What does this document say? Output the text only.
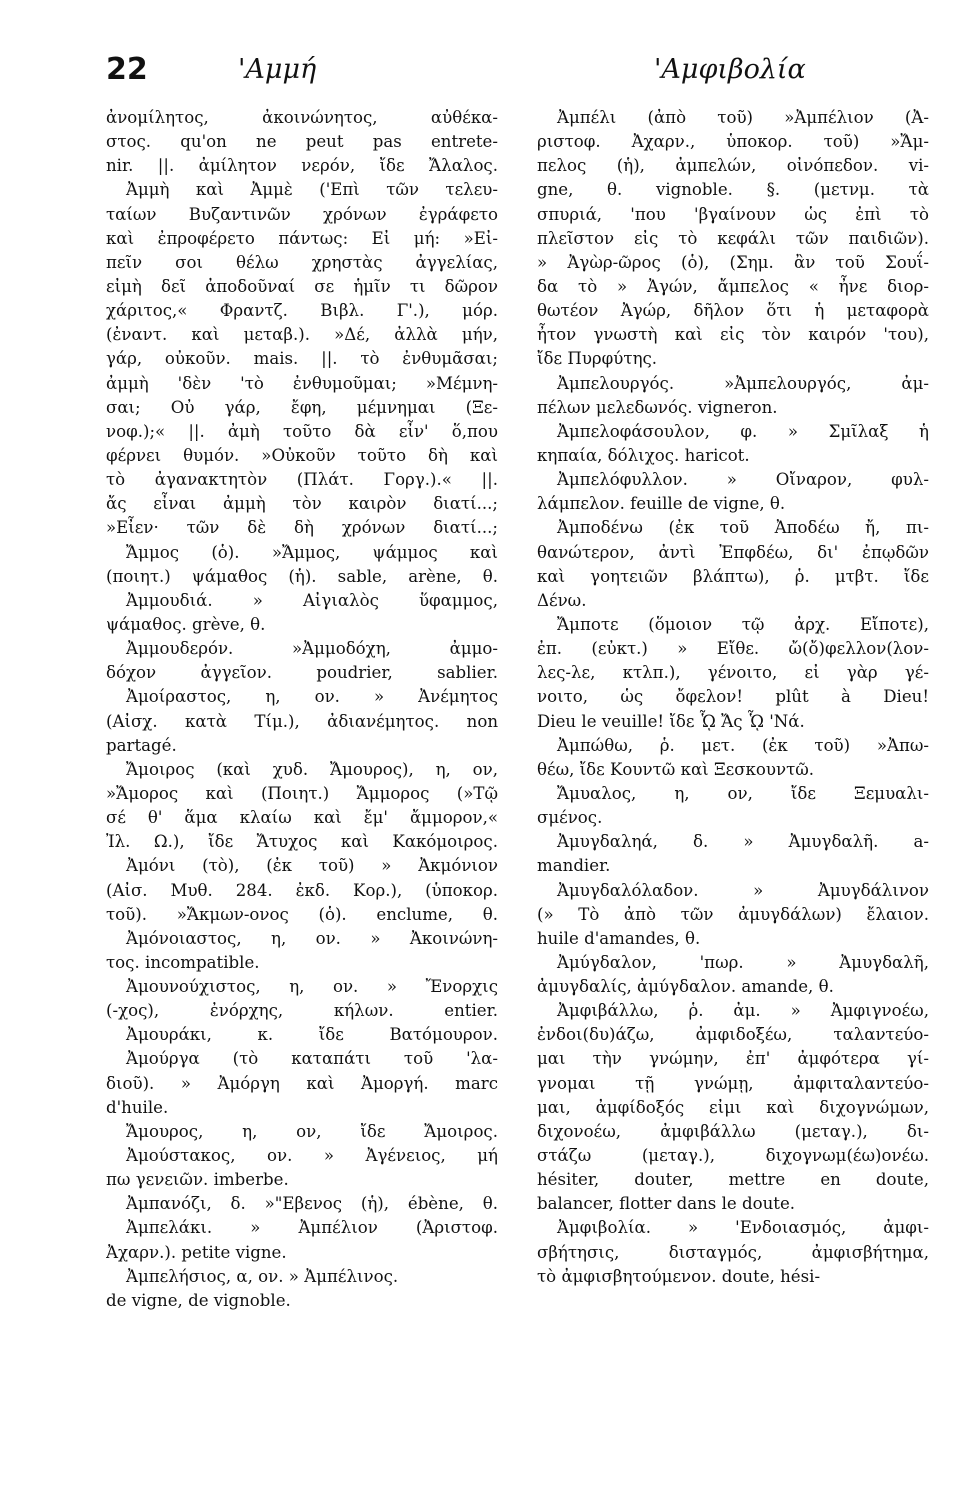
22	'Αμμή	'Αμφιβολία
ἀνομίλητος, ἀκοινώνητος, αὐθέκα-
στος. qu'on ne peut pas entrete-
nir. ||. ἀμίλητον νερόν, ἴδε Ἄλαλος.
Ἀμμὴ καὶ Ἀμμὲ ('Επὶ τῶν τελευ-
ταίων Βυζαντινῶν χρόνων ἐγράφετο
καὶ ἐπροφέρετο πάντως: Εἰ μή: »Εἰ-
πεῖν σοι θέλω χρηστὰς ἀγγελίας,
εἰμὴ δεῖ ἀποδοῦναί σε ἡμῖν τι δῶρον
χάριτος,« Φραντζ. Βιβλ. Γ'.), μόρ.
(ἐναντ. καὶ μεταβ.). »Δέ, ἀλλὰ μήν,
γάρ, οὐκοῦν. mais. ||. τὸ ἐνθυμᾶσαι;
ἀμμὴ 'δὲν 'τὸ ἐνθυμοῦμαι; »Μέμνη-
σαι; Οὐ γάρ, ἔφη, μέμνημαι (Ξε-
νοφ.);« ||. ἀμὴ τοῦτο δὰ εἶν' ὅ,που
φέρνει θυμόν. »Οὐκοῦν τοῦτο δὴ καὶ
τὸ ἀγανακτητὸν (Πλάτ. Γοργ.).« ||.
ἄς εἶναι ἀμμὴ τὸν καιρὸν διατί...;
»Εἶεν· τῶν δὲ δὴ χρόνων διατί...;
Ἄμμος (ὁ). »Ἄμμος, ψάμμος καὶ
(ποιητ.) ψάμαθος (ἡ). sable, arène, θ.
Ἀμμουδιά. » Αἰγιαλὸς ὕφαμμος,
ψάμαθος. grève, θ.
Ἀμμουδερόν. »Ἀμμοδόχη, ἀμμο-
δόχον ἀγγεῖον. poudrier, sablier.
Ἀμοίραστος, η, ον. » Ἀνέμητος
(Αἰσχ. κατὰ Τίμ.), ἀδιανέμητος. non
partagé.
Ἄμοιρος (καὶ χυδ. Ἄμουρος), η, ον,
»Ἄμορος καὶ (Ποιητ.) Ἄμμορος (»Τῷ
σέ θ' ἅμα κλαίω καὶ ἔμ' ἄμμορον,«
Ἰλ. Ω.), ἴδε Ἄτυχος καὶ Κακόμοιρος.
Ἀμόνι (τὸ), (ἐκ τοῦ) » Ἀκμόνιον
(Αἰσ. Μυθ. 284. ἐκδ. Κορ.), (ὑποκορ.
τοῦ). »Ἄκμων-ονος (ὁ). enclume, θ.
Ἀμόνοιαστος, η, ον. » Ἀκοινώνη-
τος. incompatible.
Ἀμουνούχιστος, η, ον. » Ἔνορχις
(-χος), ἐνόρχης, κήλων. entier.
Ἀμουράκι, κ. ἴδε Βατόμουρον.
Ἀμούργα (τὸ καταπάτι τοῦ 'λα-
διοῦ). » Ἀμόργη καὶ Ἀμοργή. marc
d'huile.
Ἄμουρος, η, ον, ἴδε Ἄμοιρος.
Ἀμούστακος, ον. » Ἀγένειος, μή
πω γενειῶν. imberbe.
Ἀμπανόζι, δ. »"Εβενος (ἡ), ébène, θ.
Ἀμπελάκι. » Ἀμπέλιον (Ἀριστοφ.
Ἀχαρν.). petite vigne.
Ἀμπελήσιος, α, ον. » Ἀμπέλινος.
de vigne, de vignoble.
Ἀμπέλι (ἀπὸ τοῦ) »Ἀμπέλιον (Ἀ-
ριστοφ. Ἀχαρν., ὑποκορ. τοῦ) »Ἄμ-
πελος (ἡ), ἀμπελών, οἰνόπεδον. vi-
gne, θ. vignoble. §. (μετνμ. τὰ
σπυριά, 'που 'βγαίνουν ὡς ἐπὶ τὸ
πλεῖστον εἰς τὸ κεφάλι τῶν παιδιῶν).
» Ἀγὼρ-ῶρος (ὁ), (Σημ. ἂν τοῦ Σουΐ-
δα τὸ » Ἀγών, ἄμπελος « ἦνε διορ-
θωτέον Ἀγώρ, δῆλον ὅτι ἡ μεταφορὰ
ἦτον γνωστὴ καὶ εἰς τὸν καιρόν 'του),
ἴδε Πυρφύτης.
Ἀμπελουργός. »Ἀμπελουργός, ἀμ-
πέλων μελεδωνός. vigneron.
Ἀμπελοφάσουλον, φ. » Σμῖλαξ ἡ
κηπαία, δόλιχος. haricot.
Ἀμπελόφυλλον. » Οἴναρον, φυλ-
λάμπελον. feuille de vigne, θ.
Ἀμποδένω (ἐκ τοῦ Ἀποδέω ἤ, πι-
θανώτερον, ἀντὶ Ἐπφδέω, δι' ἐπῳδῶν
καὶ γοητειῶν βλάπτω), ῥ. μτβτ. ἴδε
Δένω.
Ἄμποτε (ὅμοιον τῷ ἀρχ. Εἴποτε),
ἐπ. (εὐκτ.) » Εἴθε. ὤ(ὄ)φελλον(λον-
λες-λε, κτλπ.), γένοιτο, εἰ γὰρ γέ-
νοιτο, ὡς ὄφελον! plût à Dieu!
Dieu le veuille! ἴδε ᾯ Ἄς ᾯ 'Νά.
Ἀμπώθω, ῥ. μετ. (ἐκ τοῦ) »Ἀπω-
θέω, ἴδε Κουντῶ καὶ Ξεσκουντῶ.
Ἄμυαλος, η, ον, ἴδε Ξεμυαλι-
σμένος.
Ἀμυγδαληά, δ. » Ἀμυγδαλῆ. a-
mandier.
Ἀμυγδαλόλαδον. » Ἀμυγδάλινον
(» Τὸ ἀπὸ τῶν ἀμυγδάλων) ἔλαιον.
huile d'amandes, θ.
Ἀμύγδαλον, 'πωρ. » Ἀμυγδαλῆ,
ἀμυγδαλίς, ἀμύγδαλον. amande, θ.
Ἀμφιβάλλω, ῥ. ἀμ. » Ἀμφιγνοέω,
ἐνδοι(δυ)άζω, ἀμφιδοξέω, ταλαντεύο-
μαι τὴν γνώμην, ἐπ' ἀμφότερα γί-
γνομαι τῇ γνώμῃ, ἀμφιταλαντεύο-
μαι, ἀμφίδοξός εἰμι καὶ διχογνώμων,
διχονοέω, ἀμφιβάλλω (μεταγ.), δι-
στάζω (μεταγ.), διχογνωμ(έω)ονέω.
hésiter, douter, mettre en doute,
balancer, flotter dans le doute.
Ἀμφιβολία. » 'Ενδοιασμός, ἀμφι-
σβήτησις, δισταγμός, ἀμφισβήτημα,
τὸ ἀμφισβητούμενον. doute, hési-
